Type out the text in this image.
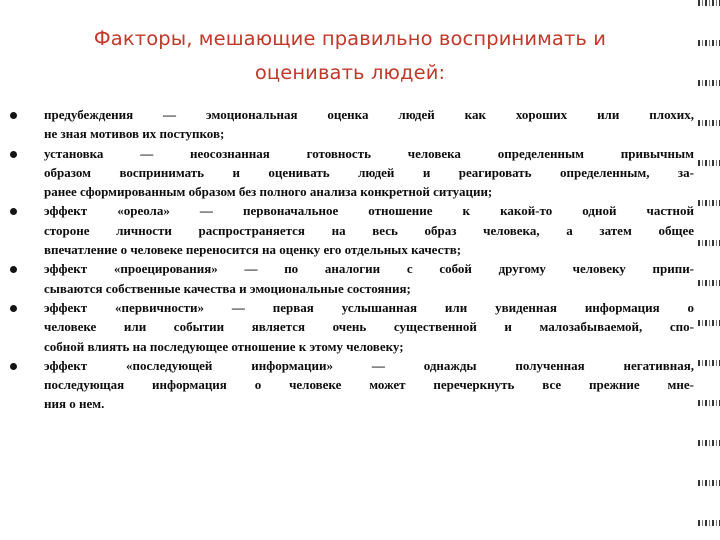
Факторы, мешающие правильно воспринимать и
оценивать людей:
предубеждения — эмоциональная оценка людей как хороших или плохих,
не зная мотивов их поступков;
установка — неосознанная готовность человека определенным привычным
образом воспринимать и оценивать людей и реагировать определенным, за-
ранее сформированным образом без полного анализа конкретной ситуации;
эффект «ореола» — первоначальное отношение к какой-то одной частной
стороне личности распространяется на весь образ человека, а затем общее
впечатление о человеке переносится на оценку его отдельных качеств;
эффект «проецирования» — по аналогии с собой другому человеку припи-
сываются собственные качества и эмоциональные состояния;
эффект «первичности» — первая услышанная или увиденная информация о
человеке или событии является очень существенной и малозабываемой, спо-
собной влиять на последующее отношение к этому человеку;
эффект «последующей информации» — однажды полученная негативная,
последующая информация о человеке может перечеркнуть все прежние мне-
ния о нем.
